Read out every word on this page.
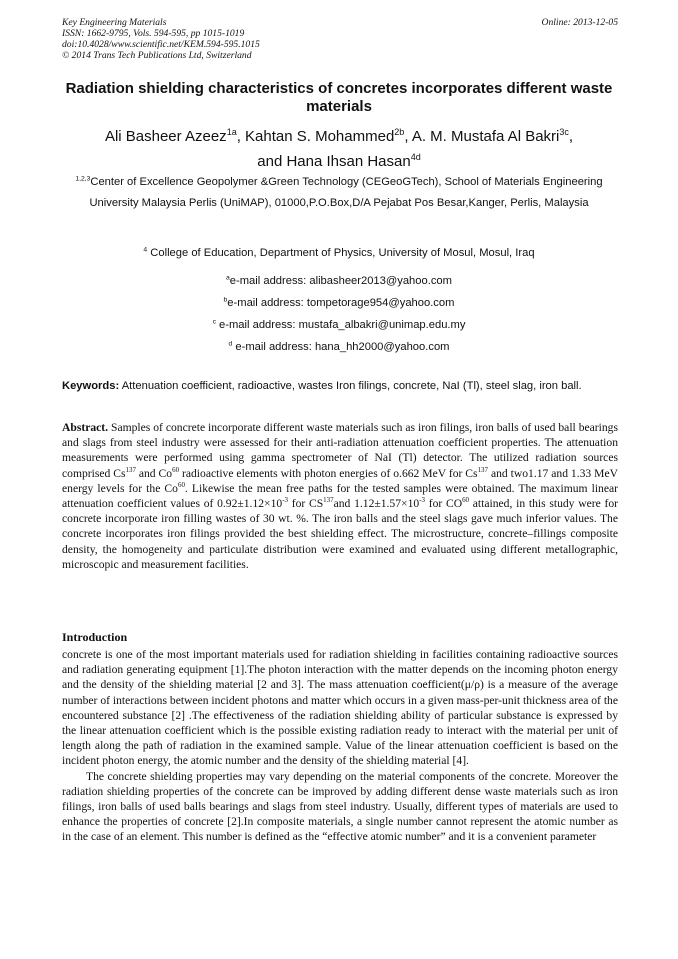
Key Engineering Materials
ISSN: 1662-9795, Vols. 594-595, pp 1015-1019
doi:10.4028/www.scientific.net/KEM.594-595.1015
© 2014 Trans Tech Publications Ltd, Switzerland
Online: 2013-12-05
Radiation shielding characteristics of concretes incorporates different waste materials
Ali Basheer Azeez$^{1a}$, Kahtan S. Mohammed$^{2b}$, A. M. Mustafa Al Bakri$^{3c}$,
and Hana Ihsan Hasan$^{4d}$
$^{1,2,3}$Center of Excellence Geopolymer &Green Technology (CEGeoGTech), School of Materials Engineering University Malaysia Perlis (UniMAP), 01000,P.O.Box,D/A Pejabat Pos Besar,Kanger, Perlis, Malaysia
$^4$ College of Education, Department of Physics, University of Mosul, Mosul, Iraq
$^a$e-mail address: alibasheer2013@yahoo.com
$^b$e-mail address: tompetorage954@yahoo.com
$^c$ e-mail address: mustafa_albakri@unimap.edu.my
$^d$ e-mail address: hana_hh2000@yahoo.com
Keywords: Attenuation coefficient, radioactive, wastes Iron filings, concrete, NaI (Tl), steel slag, iron ball.
Abstract. Samples of concrete incorporate different waste materials such as iron filings, iron balls of used ball bearings and slags from steel industry were assessed for their anti-radiation attenuation coefficient properties. The attenuation measurements were performed using gamma spectrometer of NaI (Tl) detector. The utilized radiation sources comprised Cs$^{137}$ and Co$^{60}$ radioactive elements with photon energies of o.662 MeV for Cs$^{137}$ and two1.17 and 1.33 MeV energy levels for the Co$^{60}$. Likewise the mean free paths for the tested samples were obtained. The maximum linear attenuation coefficient values of $0.92\pm 1.12\times 10^{-3}$ for CS$^{137}$and $1.12\pm 1.57\times 10^{-3}$ for CO$^{60}$ attained, in this study were for concrete incorporate iron filling wastes of 30 wt. %. The iron balls and the steel slags gave much inferior values. The concrete incorporates iron filings provided the best shielding effect. The microstructure, concrete–fillings composite density, the homogeneity and particulate distribution were examined and evaluated using different metallographic, microscopic and measurement facilities.
Introduction

concrete is one of the most important materials used for radiation shielding in facilities containing radioactive sources and radiation generating equipment [1].The photon interaction with the matter depends on the incoming photon energy and the density of the shielding material [2 and 3]. The mass attenuation coefficient(μ/ρ) is a measure of the average number of interactions between incident photons and matter which occurs in a given mass-per-unit thickness area of the encountered substance [2] .The effectiveness of the radiation shielding ability of particular substance is expressed by the linear attenuation coefficient which is the possible existing radiation ready to interact with the material per unit of length along the path of radiation in the examined sample. Value of the linear attenuation coefficient is based on the incident photon energy, the atomic number and the density of the shielding material [4].

The concrete shielding properties may vary depending on the material components of the concrete. Moreover the radiation shielding properties of the concrete can be improved by adding different dense waste materials such as iron filings, iron balls of used balls bearings and slags from steel industry. Usually, different types of materials are used to enhance the properties of concrete [2].In composite materials, a single number cannot represent the atomic number as in the case of an element. This number is defined as the “effective atomic number” and it is a convenient parameter
